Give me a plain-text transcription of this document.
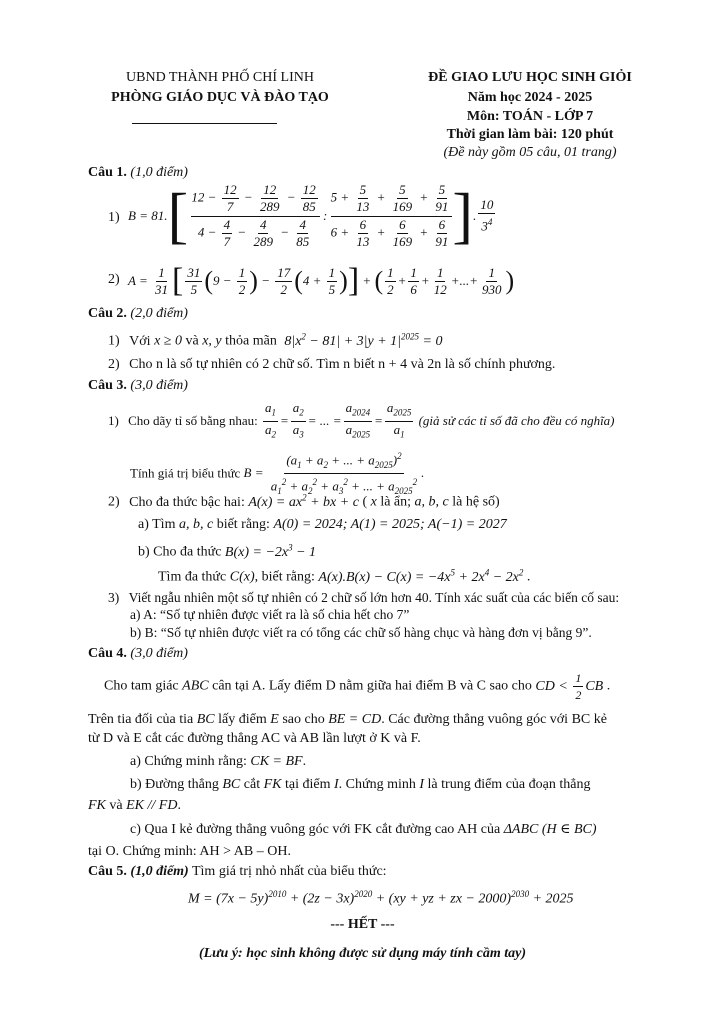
UBND THÀNH PHỐ CHÍ LINH
PHÒNG GIÁO DỤC VÀ ĐÀO TẠO
ĐỀ GIAO LƯU HỌC SINH GIỎI
Năm học 2024 - 2025
Môn: TOÁN - LỚP 7
Thời gian làm bài: 120 phút
(Đề này gồm 05 câu, 01 trang)
Câu 1. (1,0 điểm)
1) $B = 81.[ \frac{12 - \frac{12}{7} - \frac{12}{289} - \frac{12}{85}}{4 - \frac{4}{7} - \frac{4}{289} - \frac{4}{85}}$ : $\frac{5 + \frac{5}{13} + \frac{5}{169} + \frac{5}{91}}{6 + \frac{6}{13} + \frac{6}{169} + \frac{6}{91}}$ ]. $\frac{10}{3^4}$
2) $A = \frac{1}{31}$ [ $\frac{31}{5} (9 - \frac{1}{2}$ ) − $\frac{17}{2} (4 + \frac{1}{5}$ )] + ( $\frac{1}{2} + \frac{1}{6} + \frac{1}{12}$ +...+ $\frac{1}{930}$ )
Câu 2. (2,0 điểm)
1) Với x ≥ 0 và x, y thỏa mãn $8|x^2 - 81| + 3|y + 1|^{2025} = 0$
2) Cho n là số tự nhiên có 2 chữ số. Tìm n biết n + 4 và 2n là số chính phương.
Câu 3. (3,0 điểm)
1) Cho dãy tỉ số bằng nhau: $\frac{a_1}{a_2} = \frac{a_2}{a_3}$ = ... = $\frac{a_{2024}}{a_{2025}} = \frac{a_{2025}}{a_1}$ (giả sử các tỉ số đã cho đều có nghĩa)
Tính giá trị biểu thức $B = \frac{(a_1 + a_2 + ... + a_{2025})^2}{a_1^2 + a_2^2 + a_3^2 + ... + a_{2025}^2}$ .
2) Cho đa thức bậc hai: $A(x) = ax^2$ + bx + c ( x là ẩn; a, b, c là hệ số)
a) Tìm a, b, c biết rằng: A(0) = 2024; A(1) = 2025; A(−1) = 2027
b) Cho đa thức $B(x) = -2x^3 - 1$
Tìm đa thức C(x), biết rằng: $A(x).B(x) - C(x) = -4x^5 + 2x^4 - 2x^2$ .
3) Viết ngẫu nhiên một số tự nhiên có 2 chữ số lớn hơn 40. Tính xác suất của các biến cố sau:
a) A: “Số tự nhiên được viết ra là số chia hết cho 7”
b) B: “Số tự nhiên được viết ra có tổng các chữ số hàng chục và hàng đơn vị bằng 9”.
Câu 4. (3,0 điểm)
Cho tam giác ABC cân tại A. Lấy điểm D nằm giữa hai điểm B và C sao cho CD < $\frac{1}{2}$ CB .
Trên tia đối của tia BC lấy điểm E sao cho BE = CD. Các đường thẳng vuông góc với BC kẻ
từ D và E cắt các đường thẳng AC và AB lần lượt ở K và F.
a) Chứng minh rằng: CK = BF.
b) Đường thẳng BC cắt FK tại điểm I. Chứng minh I là trung điểm của đoạn thẳng
FK và EK // FD.
c) Qua I kẻ đường thẳng vuông góc với FK cắt đường cao AH của ΔABC (H ∈ BC)
tại O. Chứng minh: AH > AB – OH.
Câu 5. (1,0 điểm) Tìm giá trị nhỏ nhất của biểu thức:
$M = (7x - 5y)^{2010} + (2z - 3x)^{2020} + (xy$ + yz + zx − 2000)$^{2030}$ + 2025
--- HẾT ---
(Lưu ý: học sinh không được sử dụng máy tính cầm tay)
